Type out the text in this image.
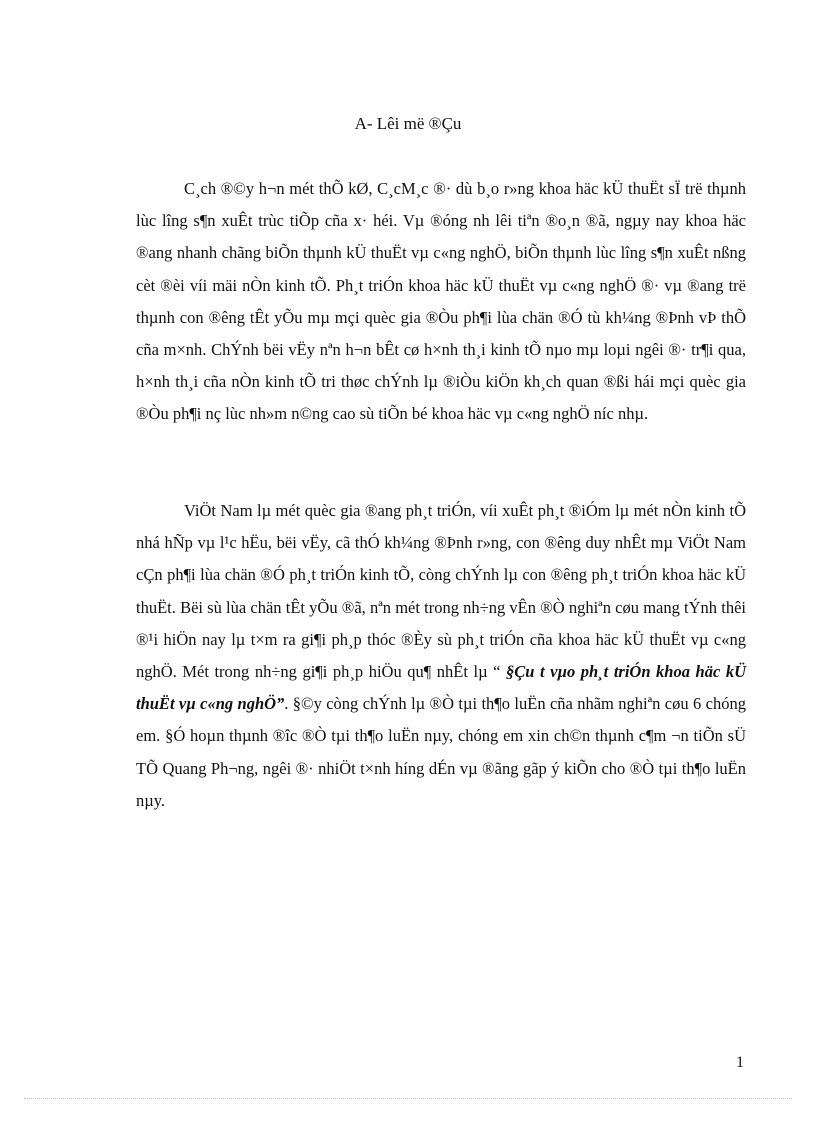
A- Lêi më ®Çu

C¸ch ®©y h¬n mét thÕ kØ, C¸cM¸c ®· dù b¸o r»ng khoa häc kÜ thuËt sÏ trë thµnh lùc lîng s¶n xuÊt trùc tiÕp cña x· héi. Vµ ®óng nh lêi tiªn ®o¸n ®ã, ngµy nay khoa häc ®ang nhanh chãng biÕn thµnh kÜ thuËt vµ c«ng nghÖ, biÕn thµnh lùc lîng s¶n xuÊt nßng cèt ®èi víi mäi nÒn kinh tÕ. Ph¸t triÓn khoa häc kÜ thuËt vµ c«ng nghÖ ®· vµ ®ang trë thµnh con ®êng tÊt yÕu mµ mçi quèc gia ®Òu ph¶i lùa chän ®Ó tù kh¼ng ®Þnh vÞ thÕ cña m×nh. ChÝnh bëi vËy nªn h¬n bÊt cø h×nh th¸i kinh tÕ nµo mµ loµi ngêi ®· tr¶i qua, h×nh th¸i cña nÒn kinh tÕ tri thøc chÝnh lµ ®iÒu kiÖn kh¸ch quan ®ßi hái mçi quèc gia ®Òu ph¶i nç lùc nh»m n©ng cao sù tiÕn bé khoa häc vµ c«ng nghÖ níc nhµ.

ViÖt Nam lµ mét quèc gia ®ang ph¸t triÓn, víi xuÊt ph¸t ®iÓm lµ mét nÒn kinh tÕ nhá hÑp vµ l¹c hËu, bëi vËy, cã thÓ kh¼ng ®Þnh r»ng, con ®êng duy nhÊt mµ ViÖt Nam cÇn ph¶i lùa chän ®Ó ph¸t triÓn kinh tÕ, còng chÝnh lµ con ®êng ph¸t triÓn khoa häc kÜ thuËt. Bëi sù lùa chän tÊt yÕu ®ã, nªn mét trong nh÷ng vÊn ®Ò nghiªn cøu mang tÝnh thêi ®¹i hiÖn nay lµ t×m ra gi¶i ph¸p thóc ®Èy sù ph¸t triÓn cña khoa häc kÜ thuËt vµ c«ng nghÖ. Mét trong nh÷ng gi¶i ph¸p hiÖu qu¶ nhÊt lµ “ §Çu t vµo ph¸t triÓn khoa häc kÜ thuËt vµ c«ng nghÖ”. §©y còng chÝnh lµ ®Ò tµi th¶o luËn cña nhãm nghiªn cøu 6 chóng em. §Ó hoµn thµnh ®îc ®Ò tµi th¶o luËn nµy, chóng em xin ch©n thµnh c¶m ¬n tiÕn sÜ TÕ Quang Ph¬ng, ngêi ®· nhiÖt t×nh híng dÉn vµ ®ãng gãp ý kiÕn cho ®Ò tµi th¶o luËn nµy.

1
